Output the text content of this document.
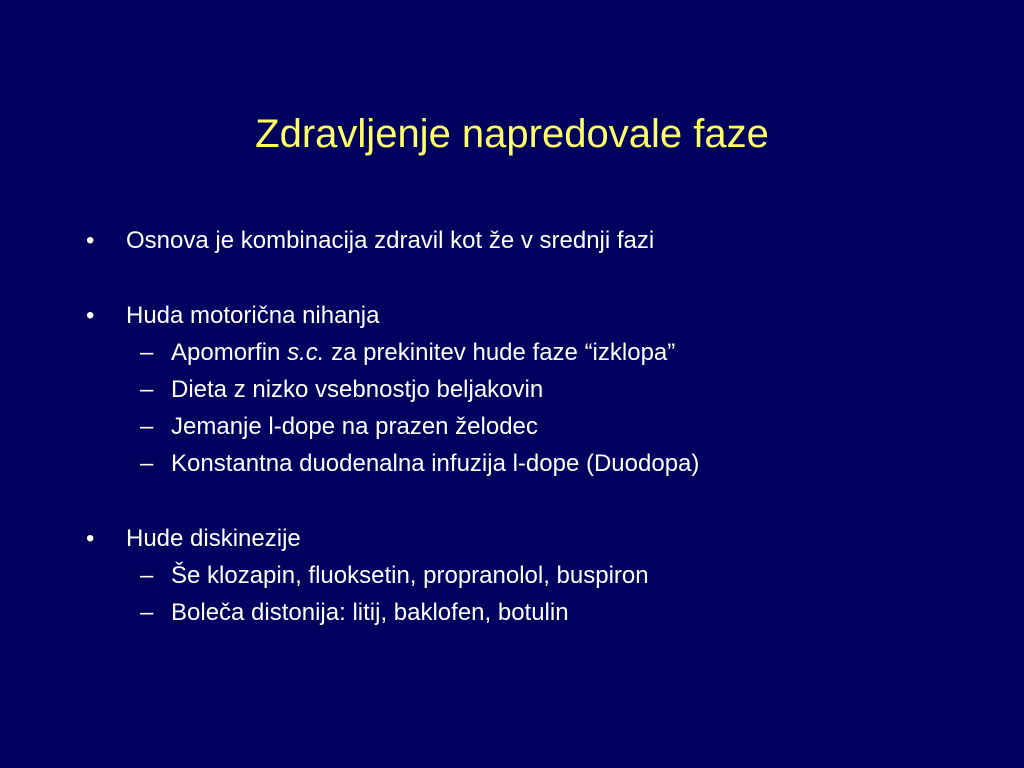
Zdravljenje napredovale faze
• Osnova je kombinacija zdravil kot že v srednji fazi
• Huda motorična nihanja
– Apomorfin s.c. za prekinitev hude faze “izklopa”
– Dieta z nizko vsebnostjo beljakovin
– Jemanje l-dope na prazen želodec
– Konstantna duodenalna infuzija l-dope (Duodopa)
• Hude diskinezije
– Še klozapin, fluoksetin, propranolol, buspiron
– Boleča distonija: litij, baklofen, botulin
